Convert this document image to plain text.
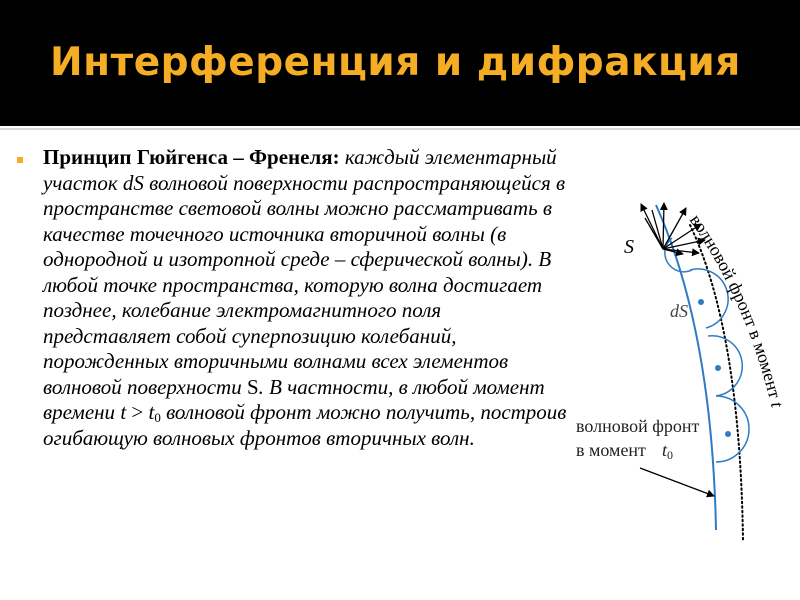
Интерференция и дифракция
Принцип Гюйгенса – Френеля: каждый элементарный участок dS волновой поверхности распространяющейся в пространстве световой волны можно рассматривать в качестве точечного источника вторичной волны (в однородной и изотропной среде – сферической волны). В любой точке пространства, которую волна достигает позднее, колебание электромагнитного поля представляет собой суперпозицию колебаний, порожденных вторичными волнами всех элементов волновой поверхности S. В частности, в любой момент времени $t > t_0$ волновой фронт можно получить, построив огибающую волновых фронтов вторичных волн.
S
dS
волновой фронт в момент t0
волновой фронт в момент t
